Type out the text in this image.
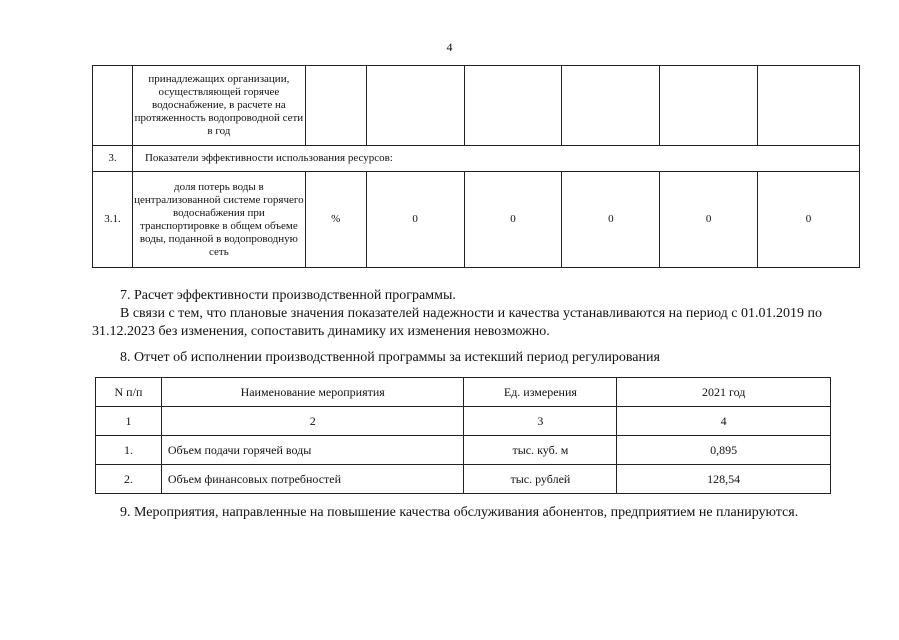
4
	принадлежащих организации, осуществляющей горячее водоснабжение, в расчете на протяженность водопроводной сети в год						
3.	Показатели эффективности использования ресурсов:						
3.1.	доля потерь воды в централизованной системе горячего водоснабжения при транспортировке в общем объеме воды, поданной в водопроводную сеть	%	0	0	0	0	0

7. Расчет эффективности производственной программы.

В связи с тем, что плановые значения показателей надежности и качества устанавливаются на период с 01.01.2019 по 31.12.2023 без изменения, сопоставить динамику их изменения невозможно.

8. Отчет об исполнении производственной программы за истекший период регулирования

N п/п	Наименование мероприятия	Ед. измерения	2021 год
1	2	3	4
1.	Объем подачи горячей воды	тыс. куб. м	0,895
2.	Объем финансовых потребностей	тыс. рублей	128,54

9. Мероприятия, направленные на повышение качества обслуживания абонентов, предприятием не планируются.
